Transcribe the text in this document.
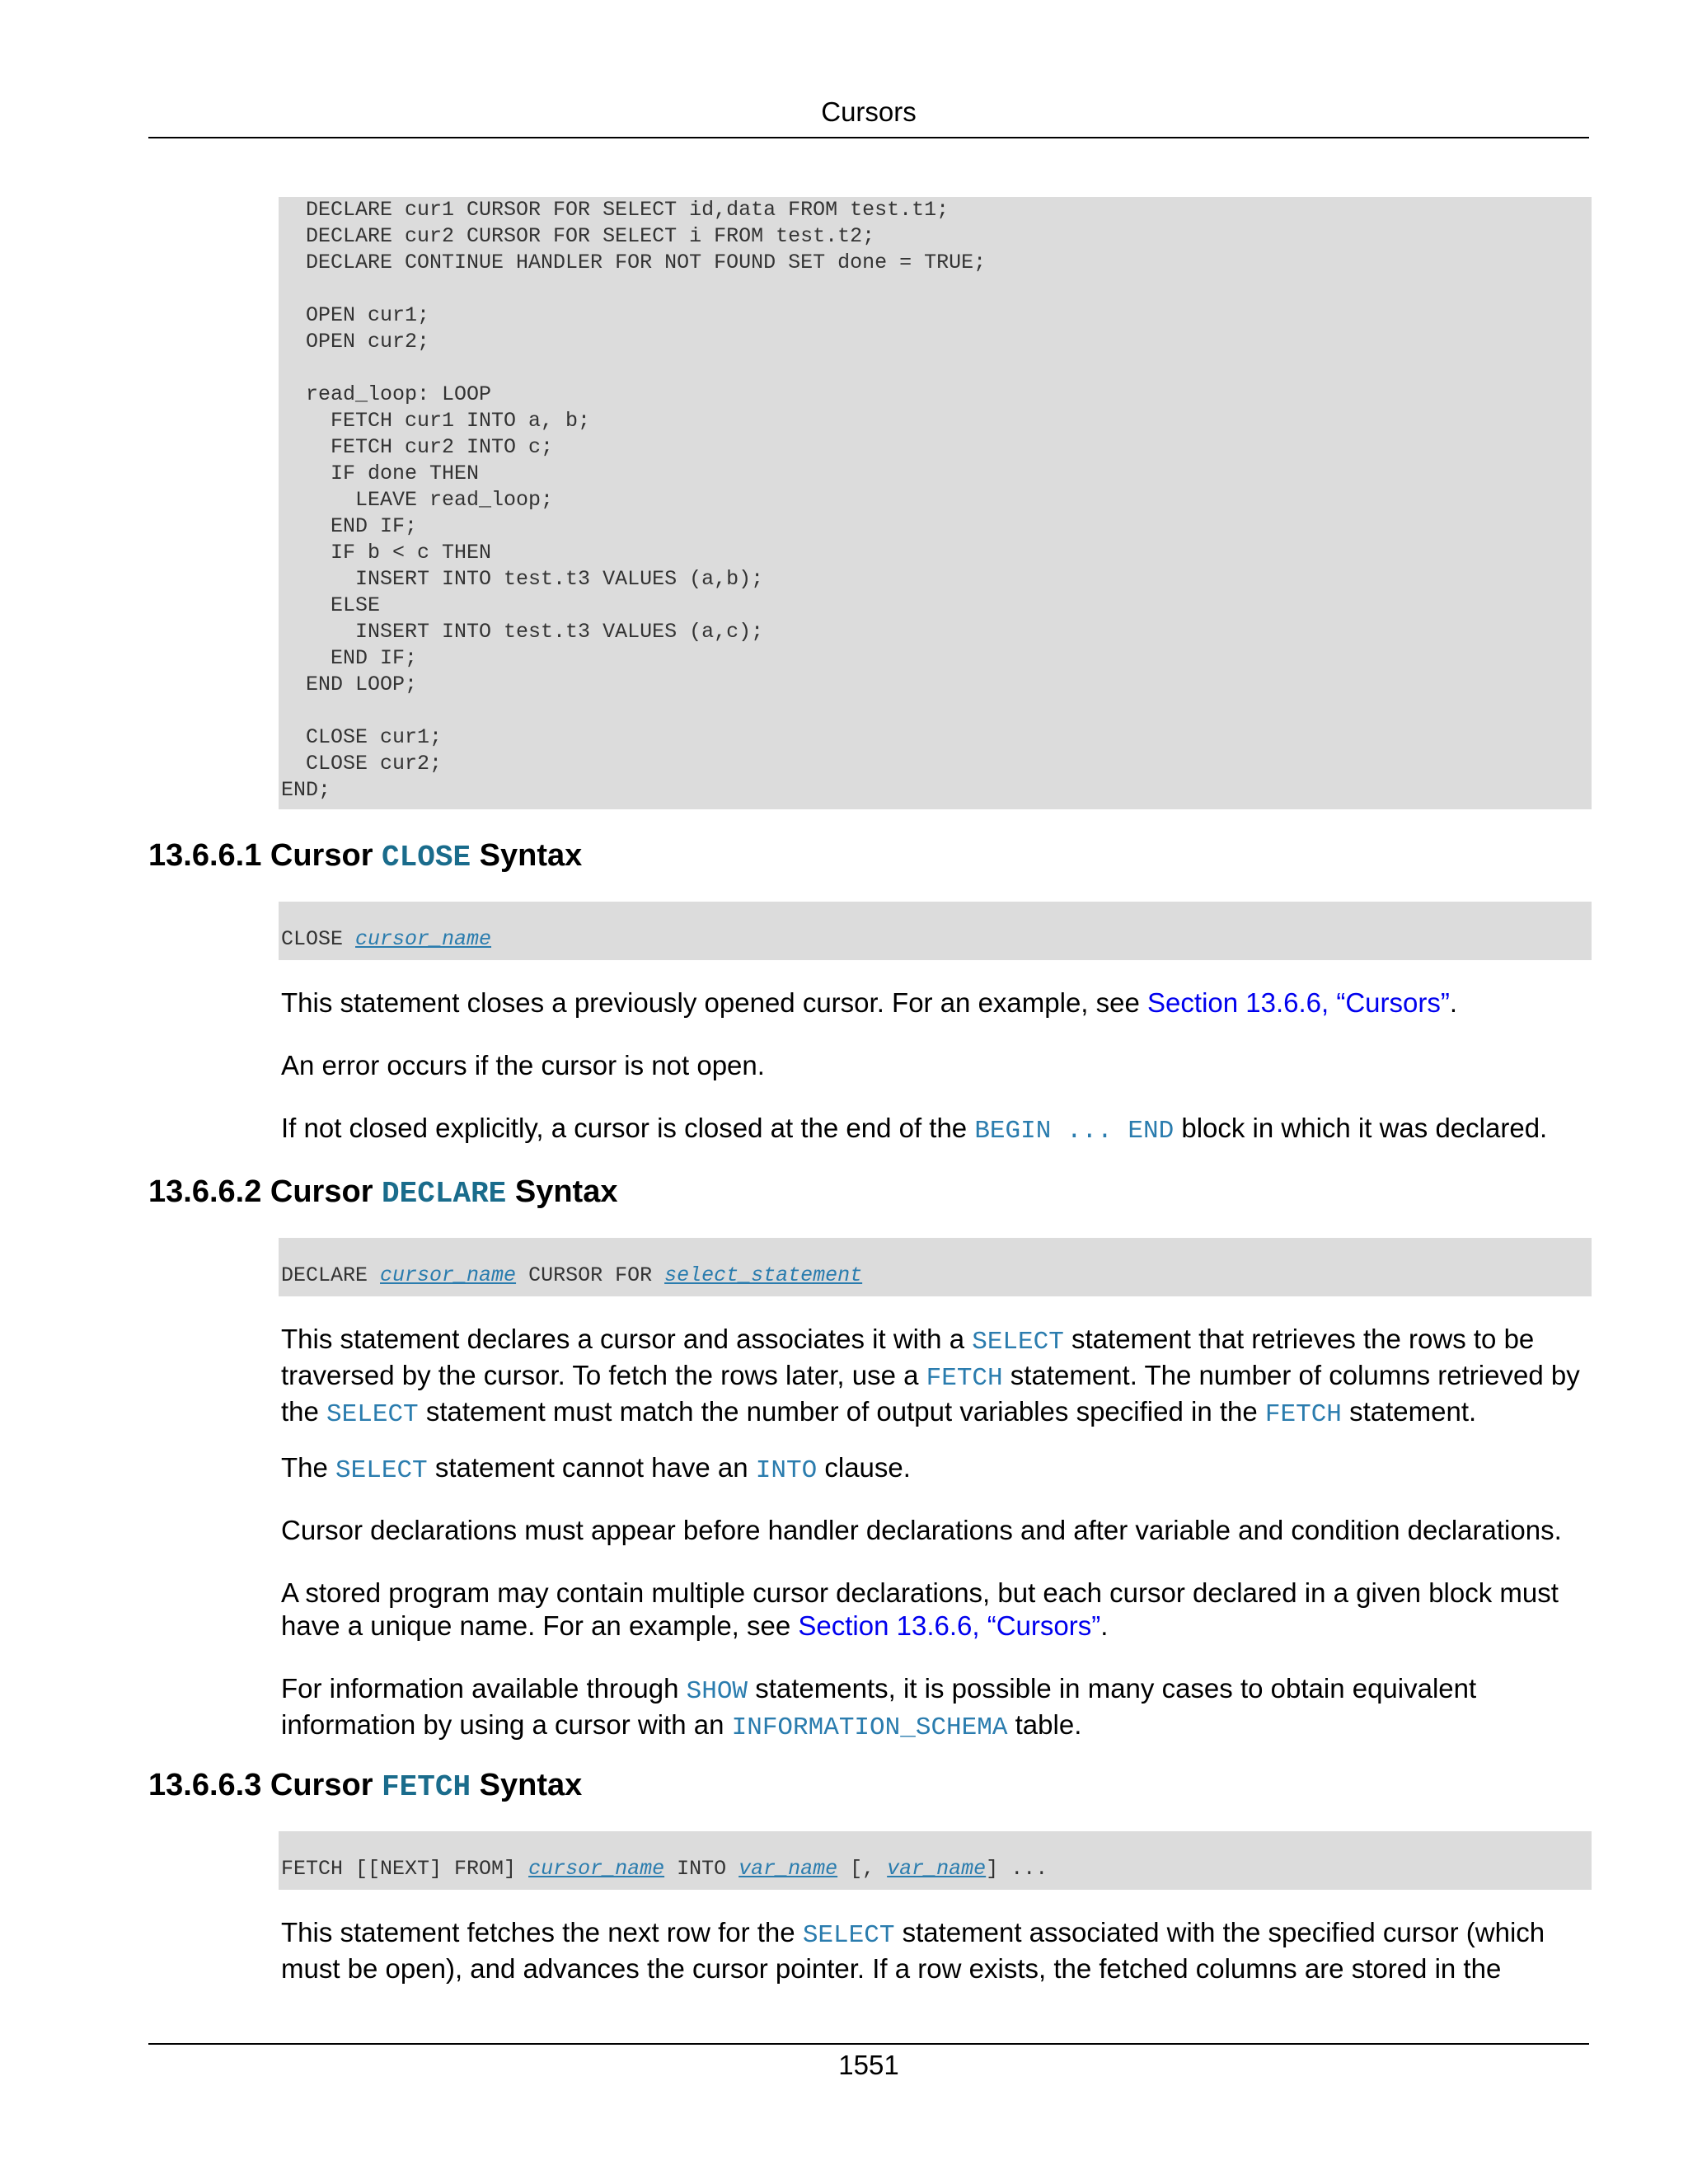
Cursors
DECLARE cur1 CURSOR FOR SELECT id,data FROM test.t1;
DECLARE cur2 CURSOR FOR SELECT i FROM test.t2;
DECLARE CONTINUE HANDLER FOR NOT FOUND SET done = TRUE;
OPEN cur1;
OPEN cur2;
read_loop: LOOP
FETCH cur1 INTO a, b;
FETCH cur2 INTO c;
IF done THEN
LEAVE read_loop;
END IF;
IF b < c THEN
INSERT INTO test.t3 VALUES (a,b);
ELSE
INSERT INTO test.t3 VALUES (a,c);
END IF;
END LOOP;
CLOSE cur1;
CLOSE cur2;
END;
13.6.6.1 Cursor CLOSE Syntax
CLOSE cursor_name

This statement closes a previously opened cursor. For an example, see Section 13.6.6, “Cursors”.

An error occurs if the cursor is not open.

If not closed explicitly, a cursor is closed at the end of the BEGIN ... END block in which it was declared.

13.6.6.2 Cursor DECLARE Syntax
DECLARE cursor_name CURSOR FOR select_statement

This statement declares a cursor and associates it with a SELECT statement that retrieves the rows to be traversed by the cursor. To fetch the rows later, use a FETCH statement. The number of columns retrieved by the SELECT statement must match the number of output variables specified in the FETCH statement.

The SELECT statement cannot have an INTO clause.

Cursor declarations must appear before handler declarations and after variable and condition declarations.

A stored program may contain multiple cursor declarations, but each cursor declared in a given block must have a unique name. For an example, see Section 13.6.6, “Cursors”.

For information available through SHOW statements, it is possible in many cases to obtain equivalent information by using a cursor with an INFORMATION_SCHEMA table.

13.6.6.3 Cursor FETCH Syntax
FETCH [[NEXT] FROM] cursor_name INTO var_name [, var_name] ...

This statement fetches the next row for the SELECT statement associated with the specified cursor (which must be open), and advances the cursor pointer. If a row exists, the fetched columns are stored in the

1551
